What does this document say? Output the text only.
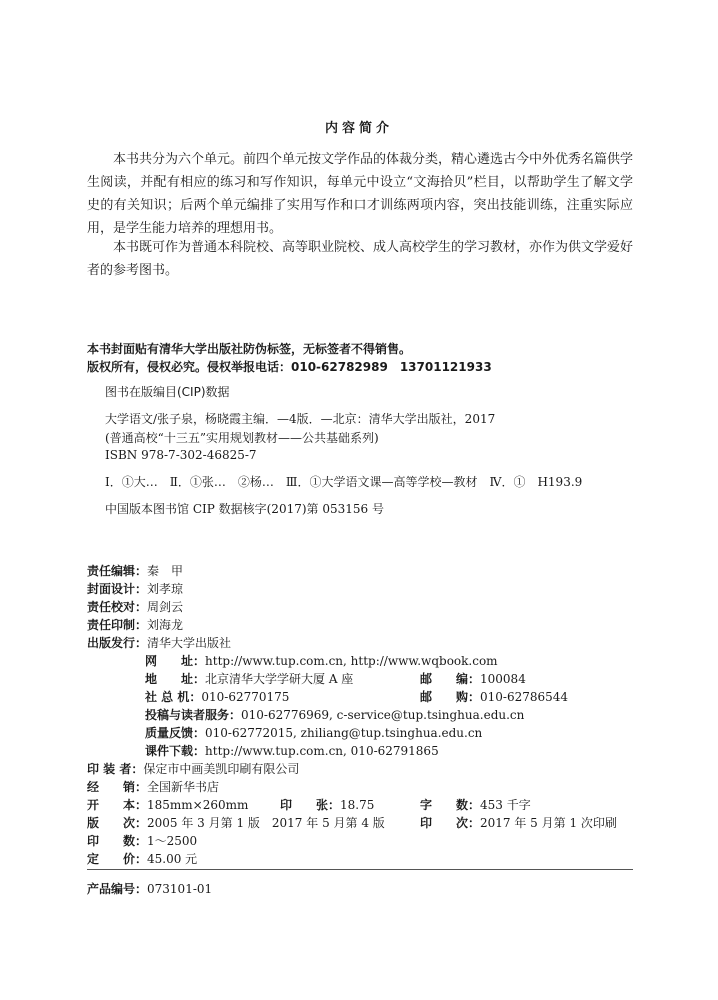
内容简介
本书共分为六个单元。前四个单元按文学作品的体裁分类，精心遴选古今中外优秀名篇供学生阅读，并配有相应的练习和写作知识，每单元中设立“文海拾贝”栏目，以帮助学生了解文学史的有关知识；后两个单元编排了实用写作和口才训练两项内容，突出技能训练，注重实际应用，是学生能力培养的理想用书。
本书既可作为普通本科院校、高等职业院校、成人高校学生的学习教材，亦作为供文学爱好者的参考图书。
本书封面贴有清华大学出版社防伪标签，无标签者不得销售。
版权所有，侵权必究。侵权举报电话：010-62782989　13701121933
图书在版编目(CIP)数据
大学语文/张子泉，杨晓霞主编．—4版．—北京：清华大学出版社，2017
(普通高校“十三五”实用规划教材——公共基础系列)
ISBN 978-7-302-46825-7
Ⅰ．①大…　Ⅱ．①张…　②杨…　Ⅲ．①大学语文课—高等学校—教材　Ⅳ．①　H193.9
中国版本图书馆 CIP 数据核字(2017)第 053156 号
责任编辑：秦　甲
封面设计：刘孝琼
责任校对：周剑云
责任印制：刘海龙
出版发行：清华大学出版社
网　　址：http://www.tup.com.cn, http://www.wqbook.com
地　　址：北京清华大学学研大厦 A 座	邮　　编：100084
社 总 机：010-62770175	邮　　购：010-62786544
投稿与读者服务：010-62776969, c-service@tup.tsinghua.edu.cn
质量反馈：010-62772015, zhiliang@tup.tsinghua.edu.cn
课件下载：http://www.tup.com.cn, 010-62791865
印 装 者：保定市中画美凯印刷有限公司
经　　销：全国新华书店
开　　本：185mm×260mm	印　　张：18.75	字　　数：453 千字
版　　次：2005 年 3 月第 1 版　2017 年 5 月第 4 版	印　　次：2017 年 5 月第 1 次印刷
印　　数：1～2500
定　　价：45.00 元
产品编号：073101-01
